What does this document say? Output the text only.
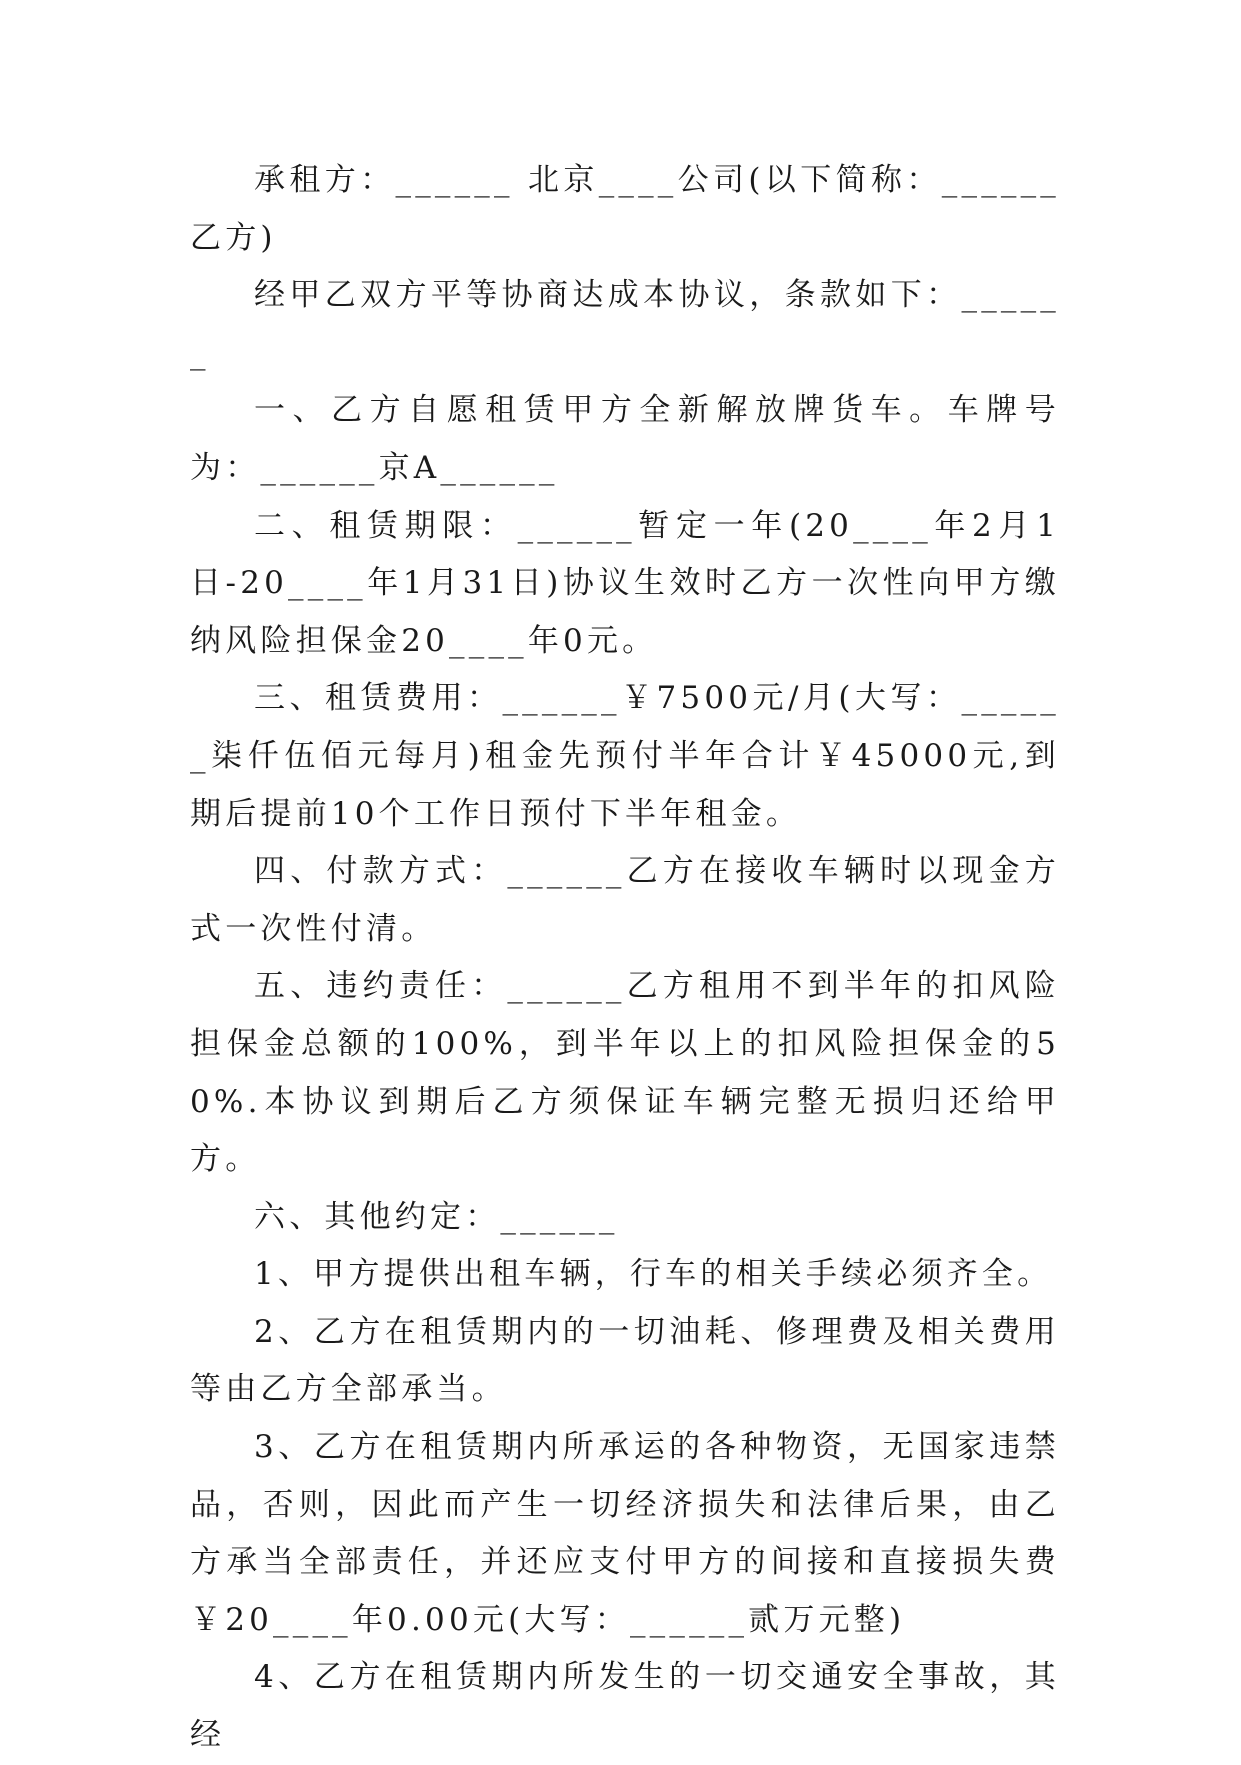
承租方：______ 北京____公司(以下简称：______乙方)

经甲乙双方平等协商达成本协议，条款如下：______

一、乙方自愿租赁甲方全新解放牌货车。车牌号为：______京A______

二、租赁期限：______暂定一年(20____年2月1日-20____年1月31日)协议生效时乙方一次性向甲方缴纳风险担保金20____年0元。

三、租赁费用：______￥7500元/月(大写：______柒仟伍佰元每月)租金先预付半年合计￥45000元,到期后提前10个工作日预付下半年租金。

四、付款方式：______乙方在接收车辆时以现金方式一次性付清。

五、违约责任：______乙方租用不到半年的扣风险担保金总额的100%，到半年以上的扣风险担保金的50%.本协议到期后乙方须保证车辆完整无损归还给甲方。

六、其他约定：______

1、甲方提供出租车辆，行车的相关手续必须齐全。

2、乙方在租赁期内的一切油耗、修理费及相关费用等由乙方全部承当。

3、乙方在租赁期内所承运的各种物资，无国家违禁品，否则，因此而产生一切经济损失和法律后果，由乙方承当全部责任，并还应支付甲方的间接和直接损失费￥20____年0.00元(大写：______贰万元整)

4、乙方在租赁期内所发生的一切交通安全事故，其经
